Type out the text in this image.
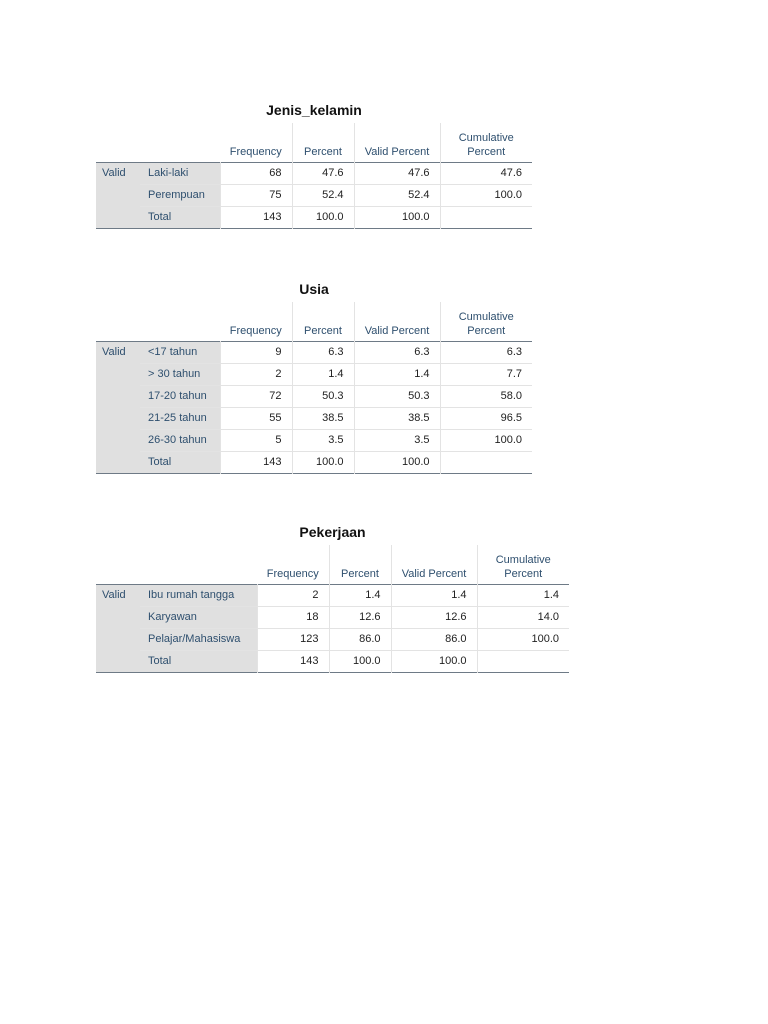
Jenis_kelamin
		Frequency	Percent	Valid Percent	Cumulative Percent
Valid	Laki-laki	68	47.6	47.6	47.6
	Perempuan	75	52.4	52.4	100.0
	Total	143	100.0	100.0	
Usia
		Frequency	Percent	Valid Percent	Cumulative Percent
Valid	<17 tahun	9	6.3	6.3	6.3
	> 30 tahun	2	1.4	1.4	7.7
	17-20 tahun	72	50.3	50.3	58.0
	21-25 tahun	55	38.5	38.5	96.5
	26-30 tahun	5	3.5	3.5	100.0
	Total	143	100.0	100.0	
Pekerjaan
		Frequency	Percent	Valid Percent	Cumulative Percent
Valid	Ibu rumah tangga	2	1.4	1.4	1.4
	Karyawan	18	12.6	12.6	14.0
	Pelajar/Mahasiswa	123	86.0	86.0	100.0
	Total	143	100.0	100.0	
